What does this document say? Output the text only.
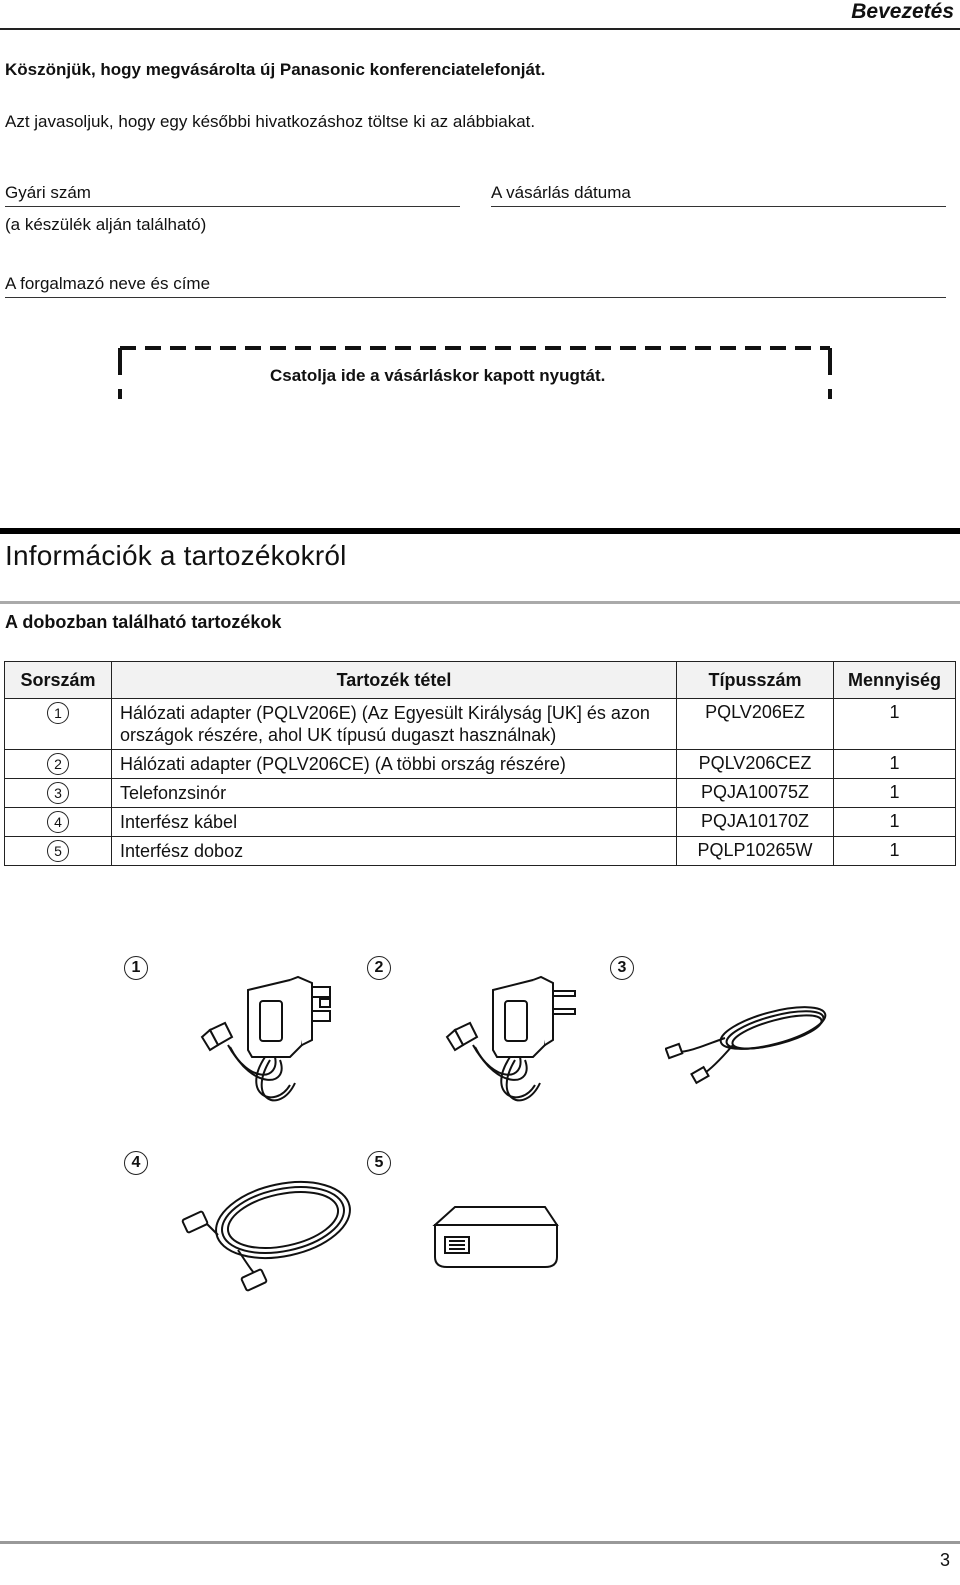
Bevezetés
Köszönjük, hogy megvásárolta új Panasonic konferenciatelefonját.
Azt javasoljuk, hogy egy későbbi hivatkozáshoz töltse ki az alábbiakat.
Gyári szám
(a készülék alján található)
A vásárlás dátuma
A forgalmazó neve és címe
Csatolja ide a vásárláskor kapott nyugtát.
Információk a tartozékokról
A dobozban található tartozékok
Sorszám	Tartozék tétel	Típusszám	Mennyiség
1	Hálózati adapter (PQLV206E) (Az Egyesült Királyság [UK] és azon országok részére, ahol UK típusú dugaszt használnak)	PQLV206EZ	1
2	Hálózati adapter (PQLV206CE) (A többi ország részére)	PQLV206CEZ	1
3	Telefonzsinór	PQJA10075Z	1
4	Interfész kábel	PQJA10170Z	1
5	Interfész doboz	PQLP10265W	1
1	2	3
4	5
3
